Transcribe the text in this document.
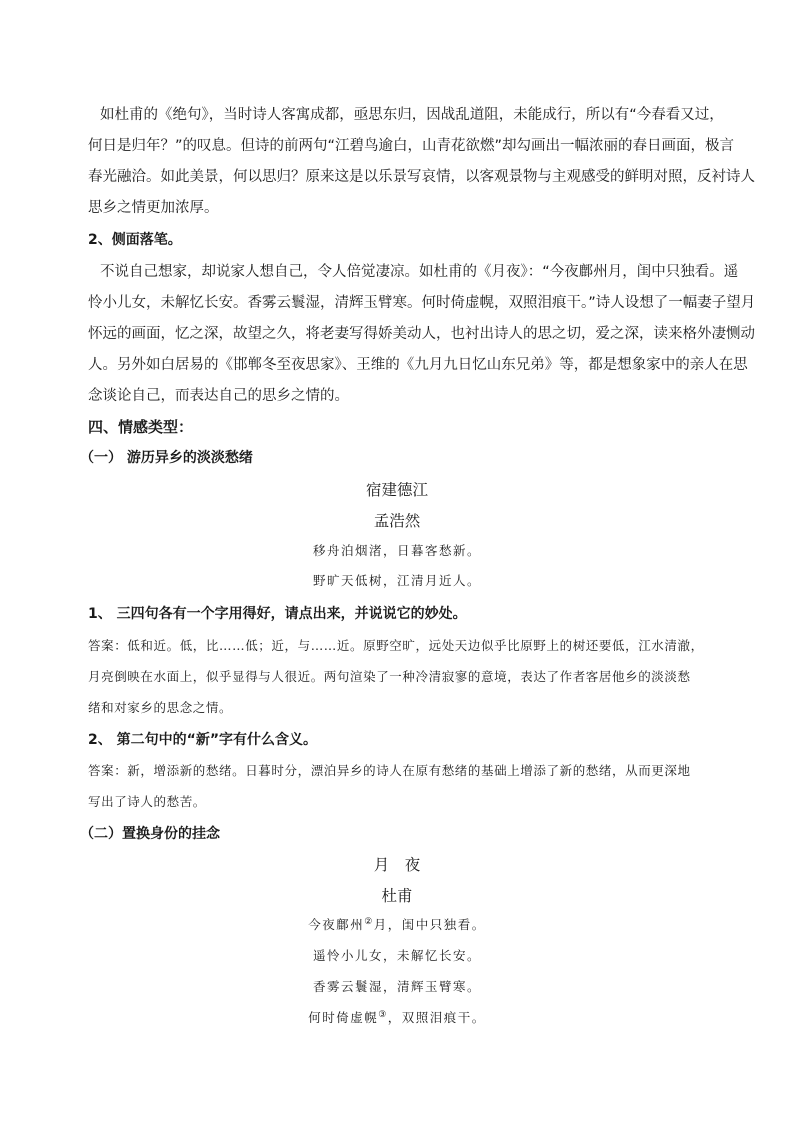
如杜甫的《绝句》，当时诗人客寓成都，亟思东归，因战乱道阻，未能成行，所以有“今春看又过，
何日是归年？”的叹息。但诗的前两句“江碧鸟逾白，山青花欲燃”却勾画出一幅浓丽的春日画面，极言
春光融洽。如此美景，何以思归？原来这是以乐景写哀情，以客观景物与主观感受的鲜明对照，反衬诗人
思乡之情更加浓厚。
2、侧面落笔。
不说自己想家，却说家人想自己，令人倍觉凄凉。如杜甫的《月夜》：“今夜鄜州月，闺中只独看。遥
怜小儿女，未解忆长安。香雾云鬟湿，清辉玉臂寒。何时倚虚幌，双照泪痕干。”诗人设想了一幅妻子望月
怀远的画面，忆之深，故望之久，将老妻写得娇美动人，也衬出诗人的思之切，爱之深，读来格外凄恻动
人。另外如白居易的《邯郸冬至夜思家》、王维的《九月九日忆山东兄弟》等，都是想象家中的亲人在思
念谈论自己，而表达自己的思乡之情的。
四、情感类型：
（一） 游历异乡的淡淡愁绪
宿建德江
孟浩然
移舟泊烟渚，日暮客愁新。
野旷天低树，江清月近人。
1、 三四句各有一个字用得好，请点出来，并说说它的妙处。
答案：低和近。低，比……低；近，与……近。原野空旷，远处天边似乎比原野上的树还要低，江水清澈，
月亮倒映在水面上，似乎显得与人很近。两句渲染了一种冷清寂寥的意境，表达了作者客居他乡的淡淡愁
绪和对家乡的思念之情。
2、 第二句中的“新”字有什么含义。
答案：新，增添新的愁绪。日暮时分，漂泊异乡的诗人在原有愁绪的基础上增添了新的愁绪，从而更深地
写出了诗人的愁苦。
（二）置换身份的挂念
月　夜
杜甫
今夜鄜州②月，闺中只独看。
遥怜小儿女，未解忆长安。
香雾云鬟湿，清辉玉臂寒。
何时倚虚幌③，双照泪痕干。
